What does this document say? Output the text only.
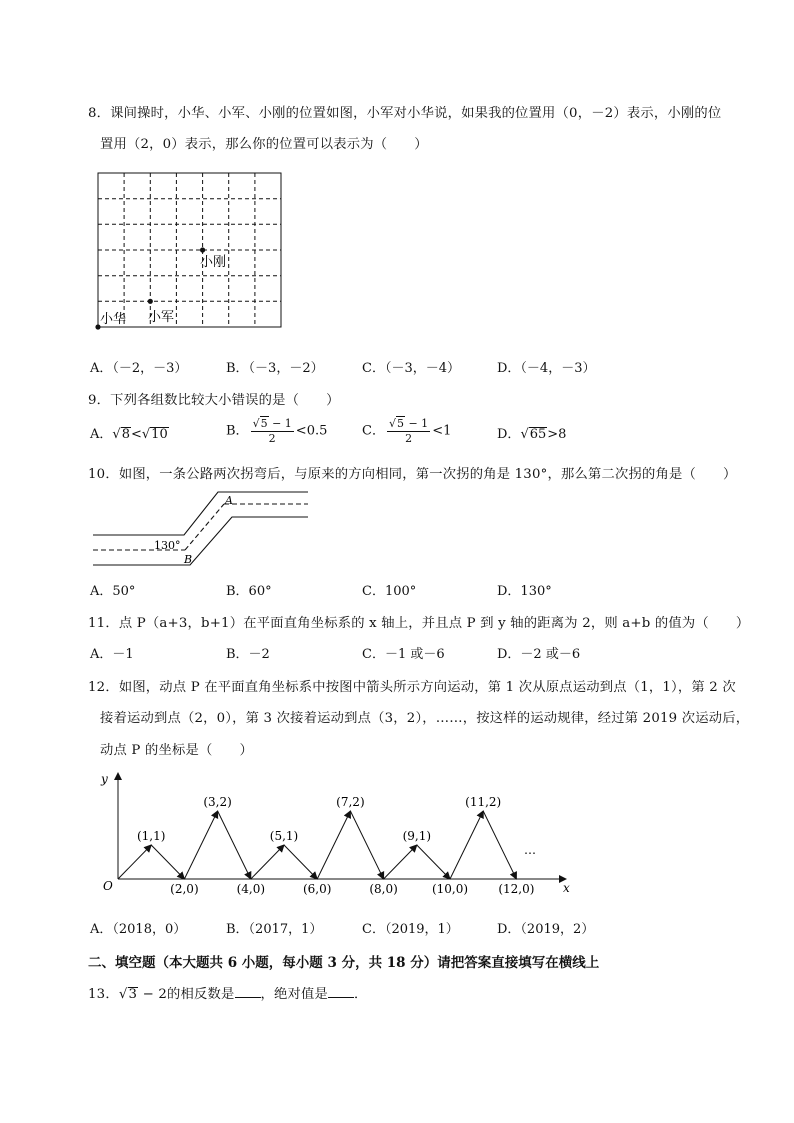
8．课间操时，小华、小军、小刚的位置如图，小军对小华说，如果我的位置用（0，－2）表示，小刚的位
置用（2，0）表示，那么你的位置可以表示为（　　）
小刚
小军
小华
A．（－2，－3）	B．（－3，－2）	C．（－3，－4）	D．（－4，－3）
9．下列各组数比较大小错误的是（　　）
A．√ 8 <√ 10	B． $\frac{√5 - 1}{2} <0.5$	C． $\frac{√5 - 1}{2} <1$	D．√ 65 >8
10．如图，一条公路两次拐弯后，与原来的方向相同，第一次拐的角是 130°，那么第二次拐的角是（　　）
A
B
130°
A．50°	B．60°	C．100°	D．130°
11．点 P（a+3，b+1）在平面直角坐标系的 x 轴上，并且点 P 到 y 轴的距离为 2，则 a+b 的值为（　　）
A．－1	B．－2	C．－1 或－6	D．－2 或－6
12．如图，动点 P 在平面直角坐标系中按图中箭头所示方向运动，第 1 次从原点运动到点（1，1），第 2 次
接着运动到点（2，0），第 3 次接着运动到点（3，2），……，按这样的运动规律，经过第 2019 次运动后，
动点 P 的坐标是（　　）
y
x
O
…
(1,1)
(2,0)
(3,2)
(4,0)
(5,1)
(6,0)
(7,2)
(8,0)
(9,1)
(10,0)
(11,2)
(12,0)
A．（2018，0）	B．（2017，1）	C．（2019，1）	D．（2019，2）
二、填空题（本大题共 6 小题，每小题 3 分，共 18 分）请把答案直接填写在横线上
13．√ 3 − 2的相反数是 ，绝对值是 ．
